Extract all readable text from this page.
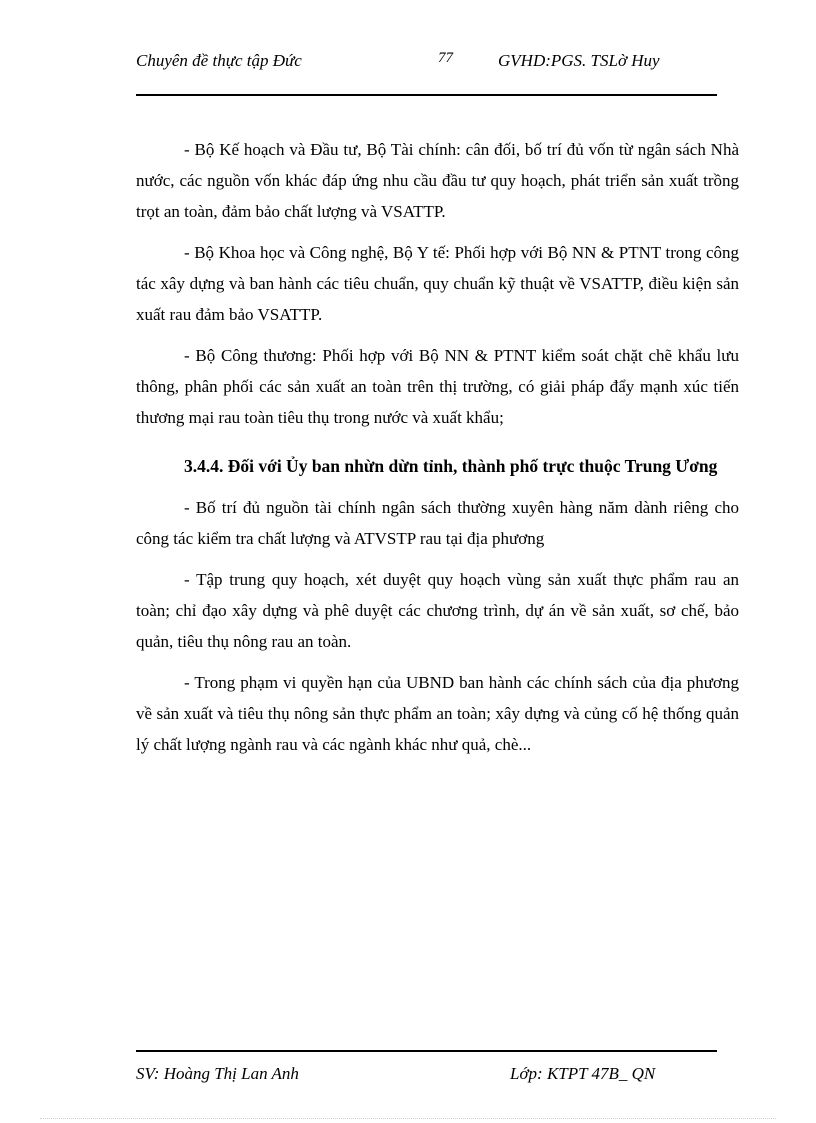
Chuyên đề thực tập Đức	77	GVHD:PGS. TSLờ Huy

- Bộ Kế hoạch và Đầu tư, Bộ Tài chính: cân đối, bố trí đủ vốn từ ngân sách Nhà nước, các nguồn vốn khác đáp ứng nhu cầu đầu tư quy hoạch, phát triển sản xuất trồng trọt an toàn, đảm bảo chất lượng và VSATTP.

- Bộ Khoa học và Công nghệ, Bộ Y tế: Phối hợp với Bộ NN & PTNT trong công tác xây dựng và ban hành các tiêu chuẩn, quy chuẩn kỹ thuật về VSATTP, điều kiện sản xuất rau đảm bảo VSATTP.

- Bộ Công thương: Phối hợp với Bộ NN & PTNT kiểm soát chặt chẽ khẩu lưu thông, phân phối các sản xuất an toàn trên thị trường, có giải pháp đẩy mạnh xúc tiến thương mại rau toàn tiêu thụ trong nước và xuất khẩu;

3.4.4. Đối với Ủy ban nhừn dừn tỉnh, thành phố trực thuộc Trung Ương

- Bố trí đủ nguồn tài chính ngân sách thường xuyên hàng năm dành riêng cho công tác kiểm tra chất lượng và ATVSTP rau tại địa phương

- Tập trung quy hoạch, xét duyệt quy hoạch vùng sản xuất thực phẩm rau an toàn; chỉ đạo xây dựng và phê duyệt các chương trình, dự án về sản xuất, sơ chế, bảo quản, tiêu thụ nông rau an toàn.

- Trong phạm vi quyền hạn của UBND ban hành các chính sách của địa phương về sản xuất và tiêu thụ nông sản thực phẩm an toàn; xây dựng và củng cố hệ thống quản lý chất lượng ngành rau và các ngành khác như quả, chè...

SV: Hoàng Thị Lan Anh	Lớp: KTPT 47B_ QN
